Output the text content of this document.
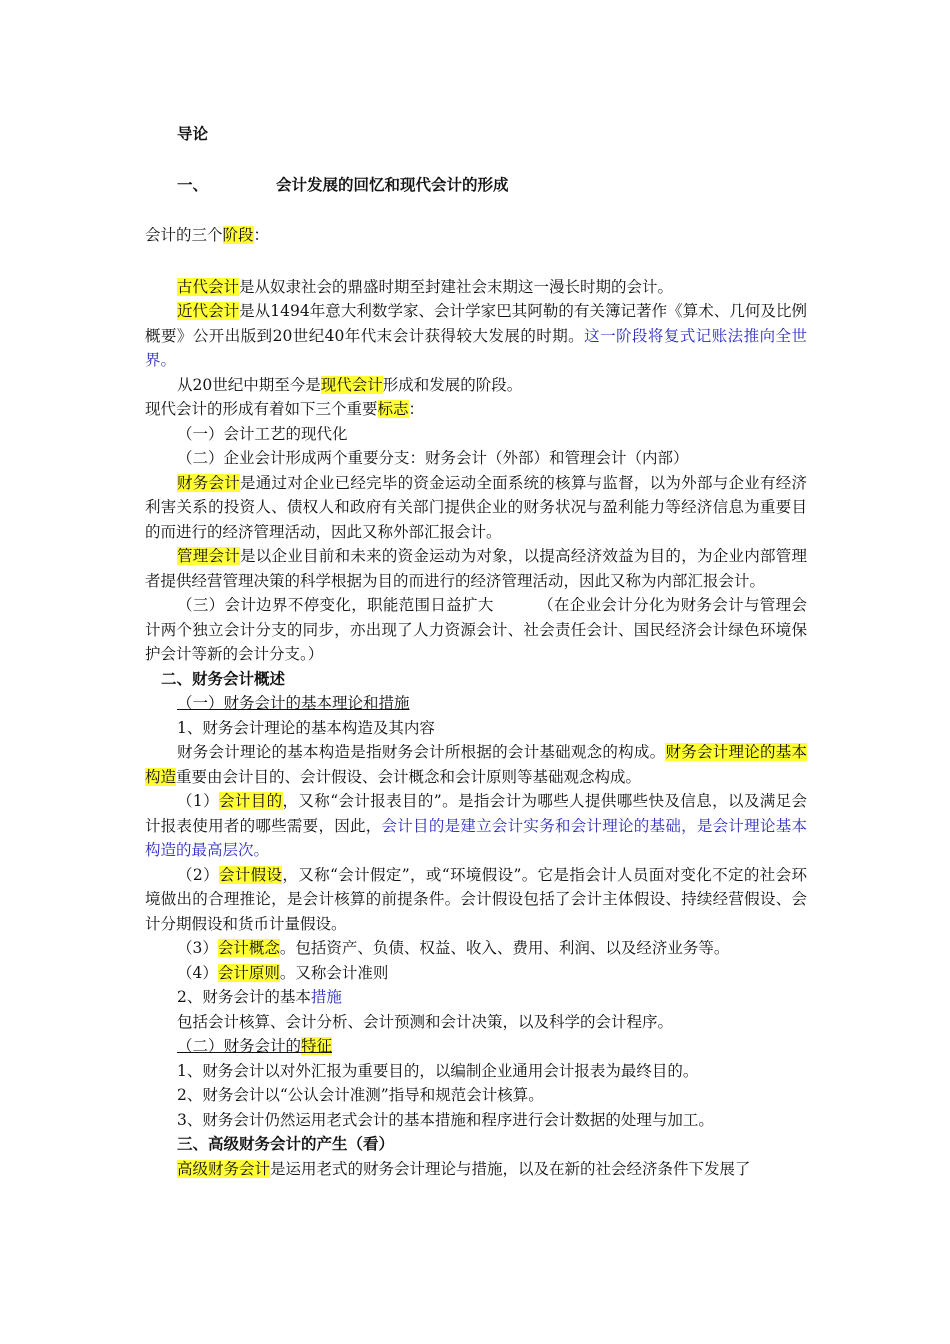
导论

一、	会计发展的回忆和现代会计的形成

会计的三个阶段：

古代会计是从奴隶社会的鼎盛时期至封建社会末期这一漫长时期的会计。

近代会计是从1494年意大利数学家、会计学家巴其阿勒的有关簿记著作《算术、几何及比例概要》公开出版到20世纪40年代末会计获得较大发展的时期。这一阶段将复式记账法推向全世界。

从20世纪中期至今是现代会计形成和发展的阶段。

现代会计的形成有着如下三个重要标志：

（一）会计工艺的现代化

（二）企业会计形成两个重要分支：财务会计（外部）和管理会计（内部）

财务会计是通过对企业已经完毕的资金运动全面系统的核算与监督，以为外部与企业有经济利害关系的投资人、债权人和政府有关部门提供企业的财务状况与盈利能力等经济信息为重要目的而进行的经济管理活动，因此又称外部汇报会计。

管理会计是以企业目前和未来的资金运动为对象，以提高经济效益为目的，为企业内部管理者提供经营管理决策的科学根据为目的而进行的经济管理活动，因此又称为内部汇报会计。

（三）会计边界不停变化，职能范围日益扩大	（在企业会计分化为财务会计与管理会计两个独立会计分支的同步，亦出现了人力资源会计、社会责任会计、国民经济会计绿色环境保护会计等新的会计分支。）

二、财务会计概述

（一）财务会计的基本理论和措施

1、财务会计理论的基本构造及其内容

财务会计理论的基本构造是指财务会计所根据的会计基础观念的构成。财务会计理论的基本构造重要由会计目的、会计假设、会计概念和会计原则等基础观念构成。

（1）会计目的，又称“会计报表目的”。是指会计为哪些人提供哪些快及信息，以及满足会计报表使用者的哪些需要，因此，会计目的是建立会计实务和会计理论的基础，是会计理论基本构造的最高层次。

（2）会计假设，又称“会计假定”，或“环境假设”。它是指会计人员面对变化不定的社会环境做出的合理推论，是会计核算的前提条件。会计假设包括了会计主体假设、持续经营假设、会计分期假设和货币计量假设。

（3）会计概念。包括资产、负债、权益、收入、费用、利润、以及经济业务等。

（4）会计原则。又称会计准则

2、财务会计的基本措施

包括会计核算、会计分析、会计预测和会计决策，以及科学的会计程序。

（二）财务会计的特征

1、财务会计以对外汇报为重要目的，以编制企业通用会计报表为最终目的。

2、财务会计以“公认会计准测”指导和规范会计核算。

3、财务会计仍然运用老式会计的基本措施和程序进行会计数据的处理与加工。

三、高级财务会计的产生（看）

高级财务会计是运用老式的财务会计理论与措施，以及在新的社会经济条件下发展了
